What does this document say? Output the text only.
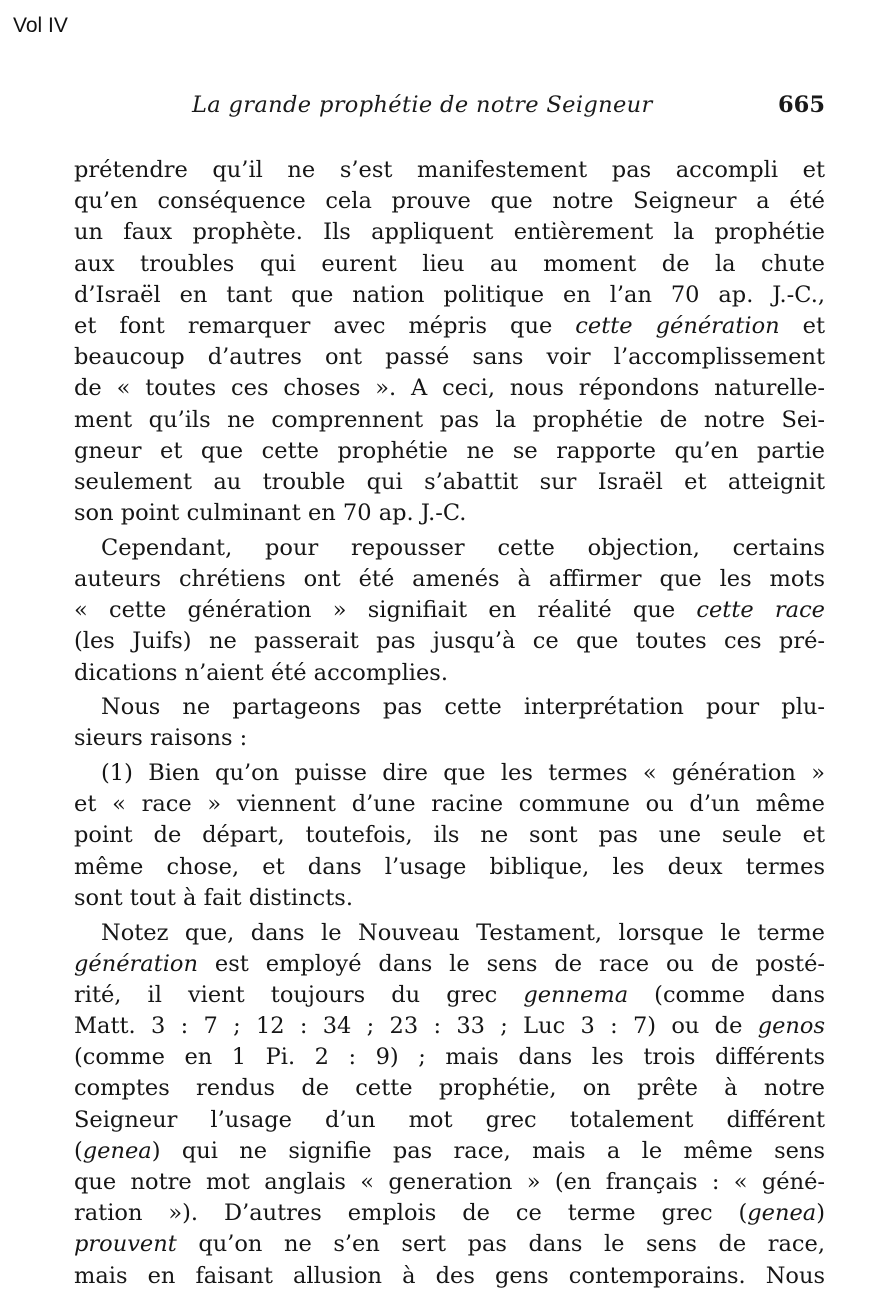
Vol IV
La grande prophétie de notre Seigneur	665
prétendre qu’il ne s’est manifestement pas accompli et
qu’en conséquence cela prouve que notre Seigneur a été
un faux prophète. Ils appliquent entièrement la prophétie
aux troubles qui eurent lieu au moment de la chute
d’Israël en tant que nation politique en l’an 70 ap. J.-C.,
et font remarquer avec mépris que cette génération et
beaucoup d’autres ont passé sans voir l’accomplissement
de « toutes ces choses ». A ceci, nous répondons naturelle-
ment qu’ils ne comprennent pas la prophétie de notre Sei-
gneur et que cette prophétie ne se rapporte qu’en partie
seulement au trouble qui s’abattit sur Israël et atteignit
son point culminant en 70 ap. J.-C.
Cependant, pour repousser cette objection, certains
auteurs chrétiens ont été amenés à affirmer que les mots
« cette génération » signifiait en réalité que cette race
(les Juifs) ne passerait pas jusqu’à ce que toutes ces pré-
dications n’aient été accomplies.
Nous ne partageons pas cette interprétation pour plu-
sieurs raisons :
(1) Bien qu’on puisse dire que les termes « génération »
et « race » viennent d’une racine commune ou d’un même
point de départ, toutefois, ils ne sont pas une seule et
même chose, et dans l’usage biblique, les deux termes
sont tout à fait distincts.
Notez que, dans le Nouveau Testament, lorsque le terme
génération est employé dans le sens de race ou de posté-
rité, il vient toujours du grec gennema (comme dans
Matt. 3 : 7 ; 12 : 34 ; 23 : 33 ; Luc 3 : 7) ou de genos
(comme en 1 Pi. 2 : 9) ; mais dans les trois différents
comptes rendus de cette prophétie, on prête à notre
Seigneur l’usage d’un mot grec totalement différent
(genea) qui ne signifie pas race, mais a le même sens
que notre mot anglais « generation » (en français : « géné-
ration »). D’autres emplois de ce terme grec (genea)
prouvent qu’on ne s’en sert pas dans le sens de race,
mais en faisant allusion à des gens contemporains. Nous
